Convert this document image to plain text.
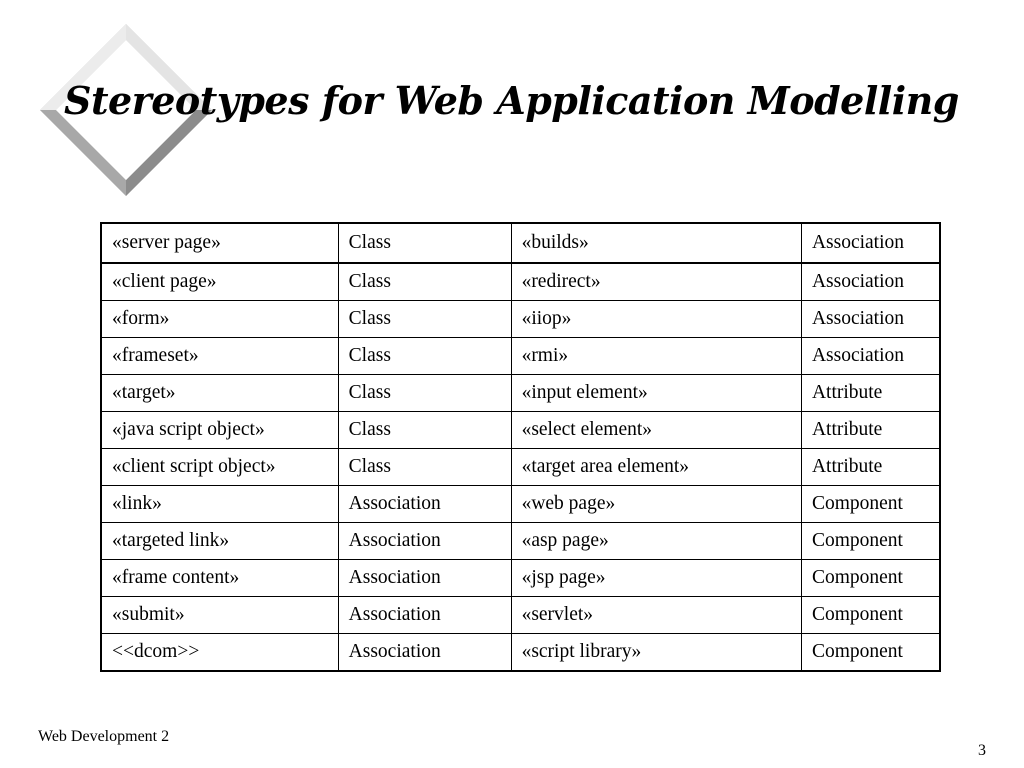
Stereotypes for Web Application Modelling
«server page»	Class	«builds»	Association
«client page»	Class	«redirect»	Association
«form»	Class	«iiop»	Association
«frameset»	Class	«rmi»	Association
«target»	Class	«input element»	Attribute
«java script object»	Class	«select element»	Attribute
«client script object»	Class	«target area element»	Attribute
«link»	Association	«web page»	Component
«targeted link»	Association	«asp page»	Component
«frame content»	Association	«jsp page»	Component
«submit»	Association	«servlet»	Component
<<dcom>>	Association	«script library»	Component
Web Development 2
3
